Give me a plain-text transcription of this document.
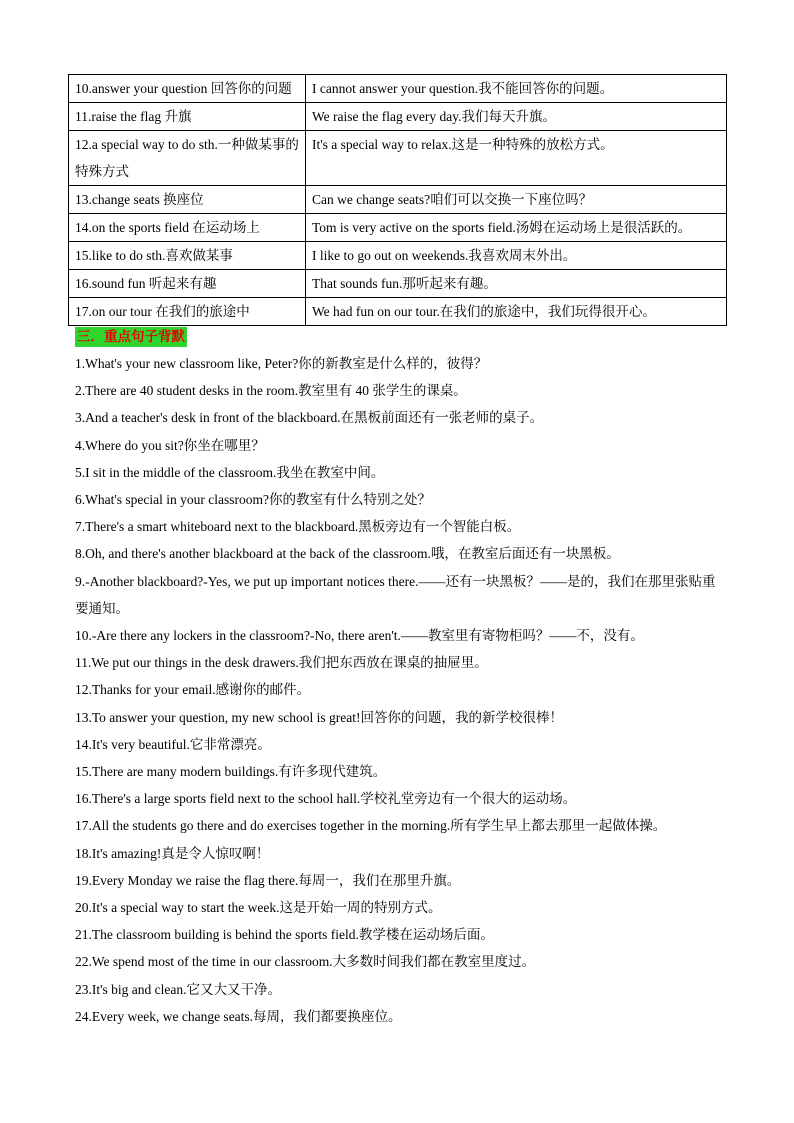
10.answer your question 回答你的问题	I cannot answer your question.我不能回答你的问题。
11.raise the flag 升旗	We raise the flag every day.我们每天升旗。
12.a special way to do sth.一种做某事的特殊方式	It's a special way to relax.这是一种特殊的放松方式。
13.change seats 换座位	Can we change seats?咱们可以交换一下座位吗？
14.on the sports field 在运动场上	Tom is very active on the sports field.汤姆在运动场上是很活跃的。
15.like to do sth.喜欢做某事	I like to go out on weekends.我喜欢周末外出。
16.sound fun 听起来有趣	That sounds fun.那听起来有趣。
17.on our tour 在我们的旅途中	We had fun on our tour.在我们的旅途中，我们玩得很开心。
三．重点句子背默
1.What's your new classroom like, Peter?你的新教室是什么样的，彼得？
2.There are 40 student desks in the room.教室里有 40 张学生的课桌。
3.And a teacher's desk in front of the blackboard.在黑板前面还有一张老师的桌子。
4.Where do you sit?你坐在哪里？
5.I sit in the middle of the classroom.我坐在教室中间。
6.What's special in your classroom?你的教室有什么特别之处？
7.There's a smart whiteboard next to the blackboard.黑板旁边有一个智能白板。
8.Oh, and there's another blackboard at the back of the classroom.哦，在教室后面还有一块黑板。
9.-Another blackboard?-Yes, we put up important notices there.——还有一块黑板？——是的，我们在那里张贴重要通知。
10.-Are there any lockers in the classroom?-No, there aren't.——教室里有寄物柜吗？——不，没有。
11.We put our things in the desk drawers.我们把东西放在课桌的抽屉里。
12.Thanks for your email.感谢你的邮件。
13.To answer your question, my new school is great!回答你的问题，我的新学校很棒！
14.It's very beautiful.它非常漂亮。
15.There are many modern buildings.有许多现代建筑。
16.There's a large sports field next to the school hall.学校礼堂旁边有一个很大的运动场。
17.All the students go there and do exercises together in the morning.所有学生早上都去那里一起做体操。
18.It's amazing!真是令人惊叹啊！
19.Every Monday we raise the flag there.每周一，我们在那里升旗。
20.It's a special way to start the week.这是开始一周的特别方式。
21.The classroom building is behind the sports field.教学楼在运动场后面。
22.We spend most of the time in our classroom.大多数时间我们都在教室里度过。
23.It's big and clean.它又大又干净。
24.Every week, we change seats.每周，我们都要换座位。
